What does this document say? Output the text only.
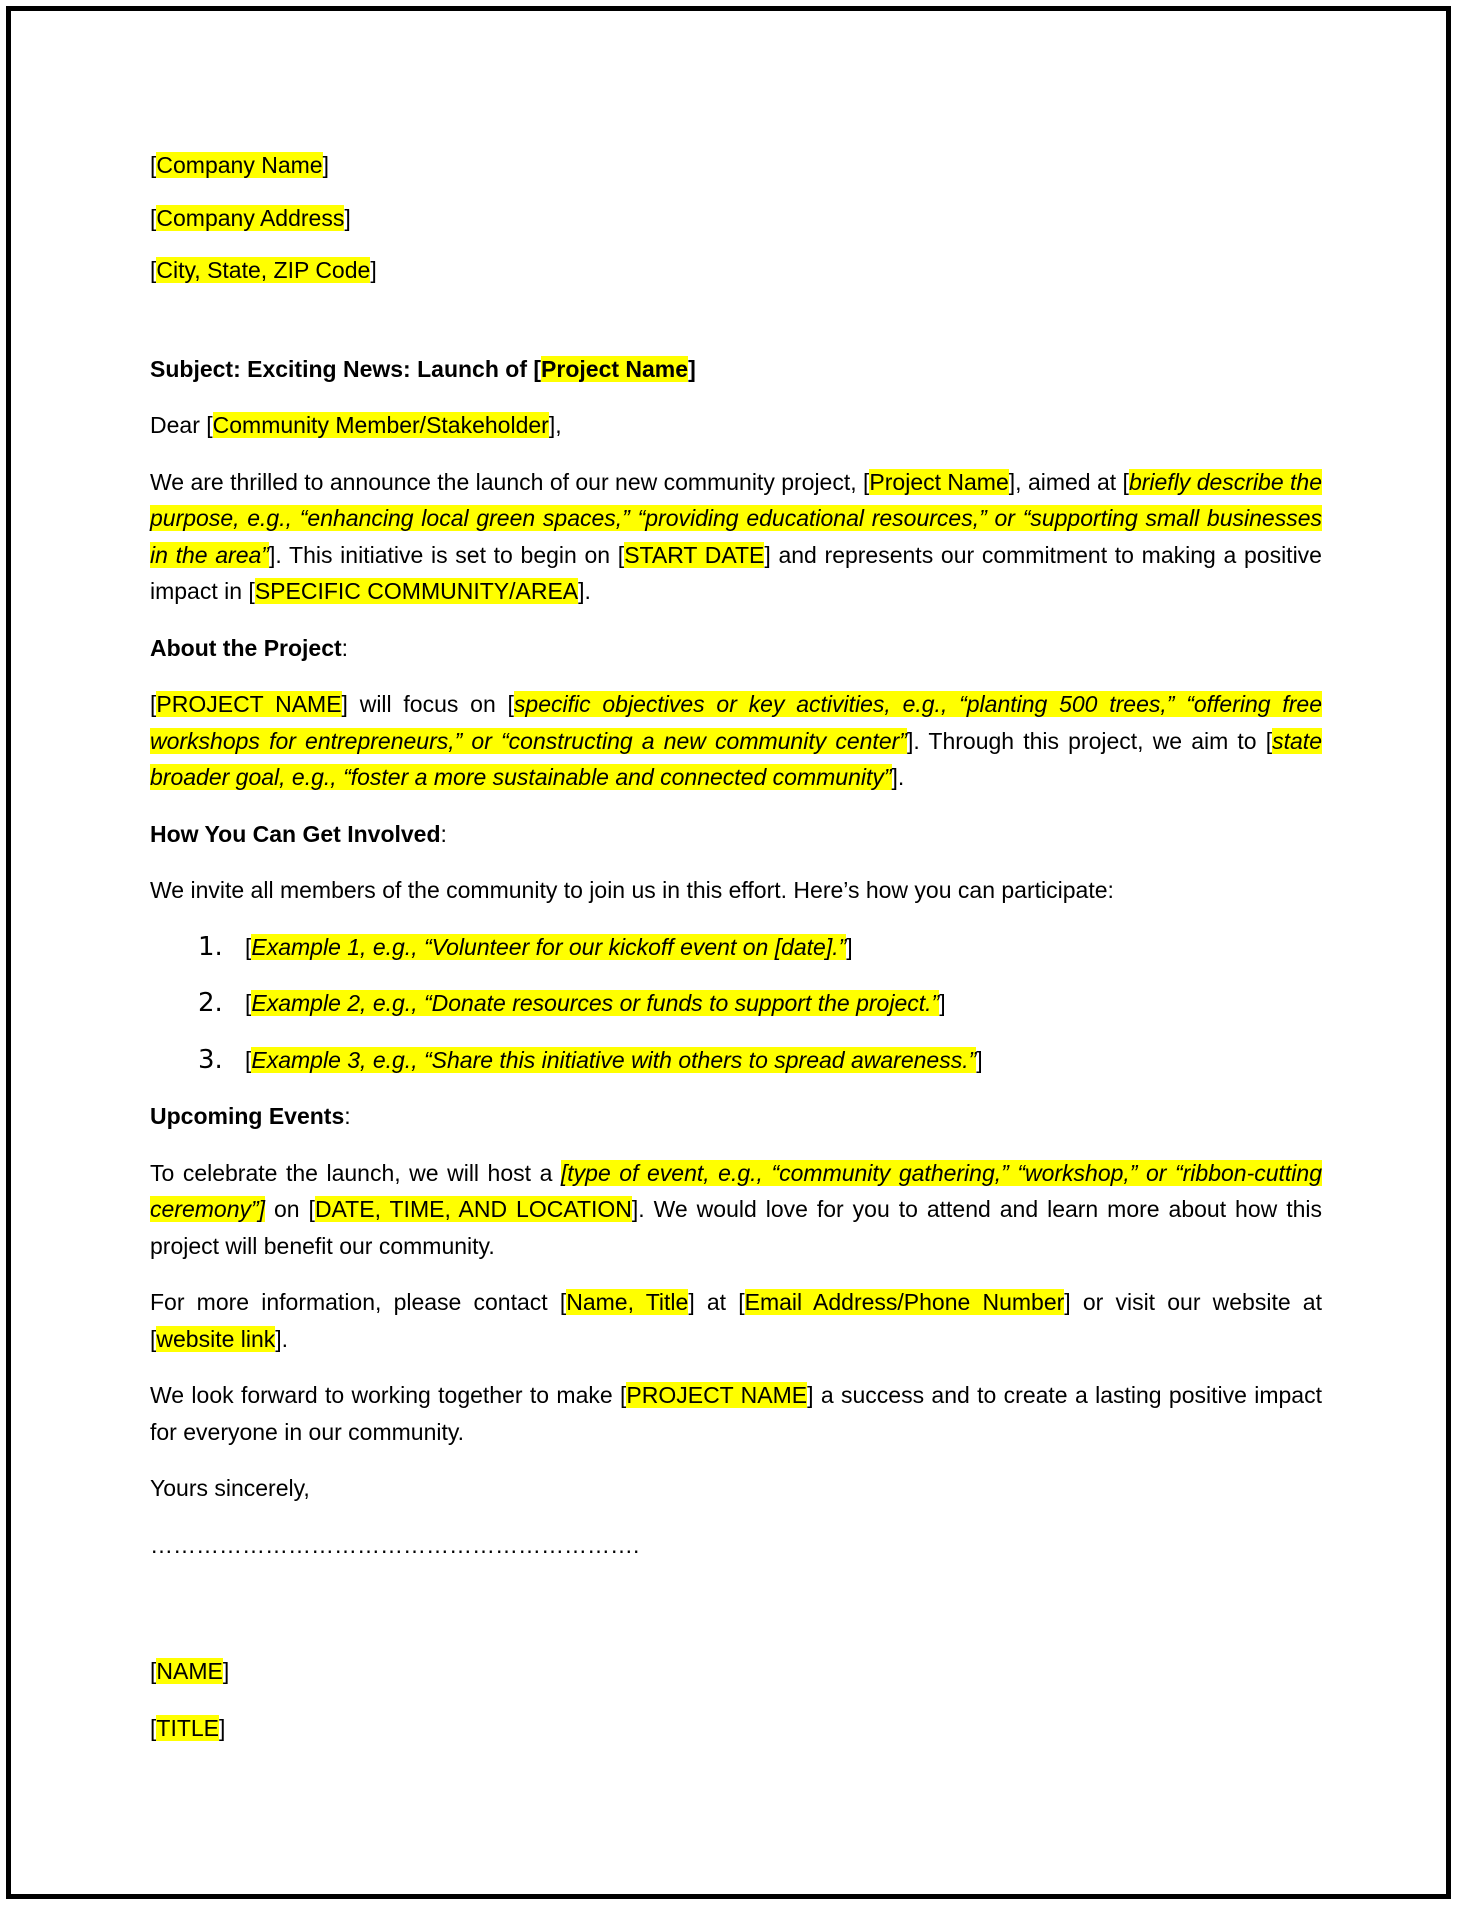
[Company Name]

[Company Address]

[City, State, ZIP Code]

Subject: Exciting News: Launch of [Project Name]

Dear [Community Member/Stakeholder],

We are thrilled to announce the launch of our new community project, [Project Name], aimed at [briefly describe the purpose, e.g., “enhancing local green spaces,” “providing educational resources,” or “supporting small businesses in the area”]. This initiative is set to begin on [START DATE] and represents our commitment to making a positive impact in [SPECIFIC COMMUNITY/AREA].

About the Project:

[PROJECT NAME] will focus on [specific objectives or key activities, e.g., “planting 500 trees,” “offering free workshops for entrepreneurs,” or “constructing a new community center”]. Through this project, we aim to [state broader goal, e.g., “foster a more sustainable and connected community”].

How You Can Get Involved:

We invite all members of the community to join us in this effort. Here’s how you can participate:

1. [Example 1, e.g., “Volunteer for our kickoff event on [date].”]
2. [Example 2, e.g., “Donate resources or funds to support the project.”]
3. [Example 3, e.g., “Share this initiative with others to spread awareness.”]

Upcoming Events:

To celebrate the launch, we will host a [type of event, e.g., “community gathering,” “workshop,” or “ribbon-cutting ceremony”] on [DATE, TIME, AND LOCATION]. We would love for you to attend and learn more about how this project will benefit our community.

For more information, please contact [Name, Title] at [Email Address/Phone Number] or visit our website at [website link].

We look forward to working together to make [PROJECT NAME] a success and to create a lasting positive impact for everyone in our community.

Yours sincerely,

……………………………………………………….

[NAME]

[TITLE]
